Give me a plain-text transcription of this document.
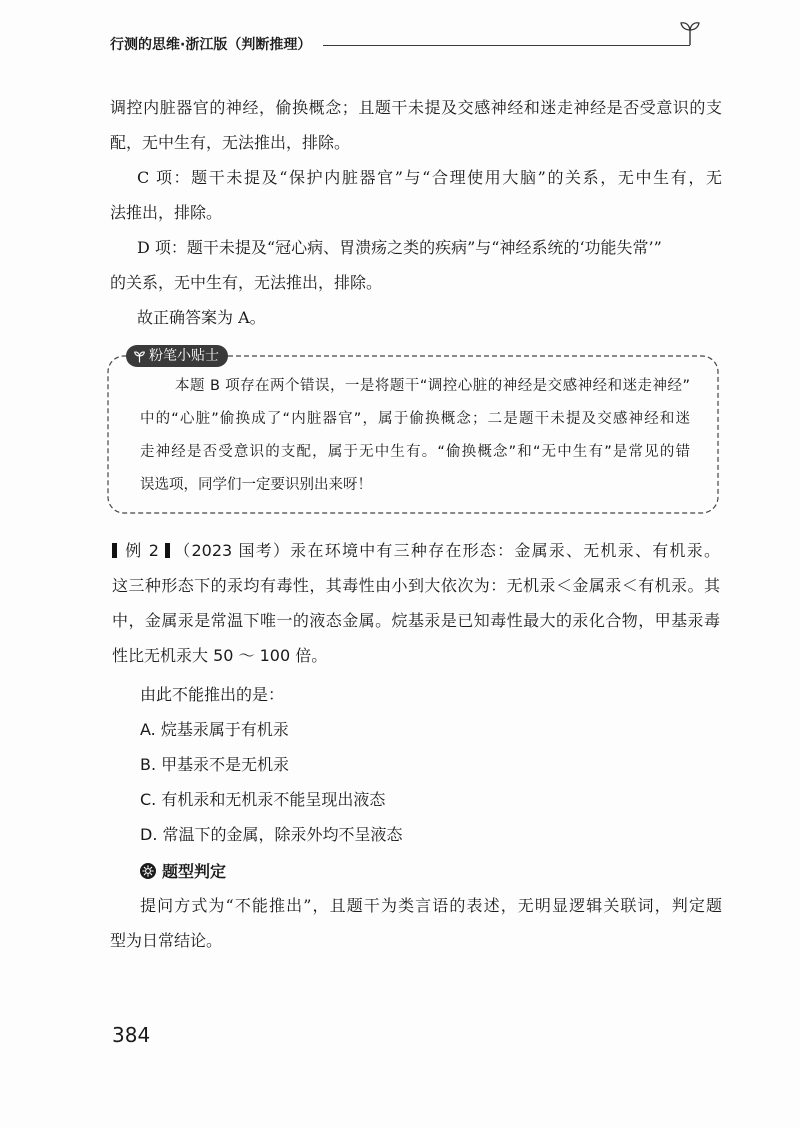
行测的思维·浙江版（判断推理）

调控内脏器官的神经，偷换概念；且题干未提及交感神经和迷走神经是否受意识的支
配，无中生有，无法推出，排除。

C 项：题干未提及“保护内脏器官”与“合理使用大脑”的关系，无中生有，无
法推出，排除。

D 项：题干未提及“冠心病、胃溃疡之类的疾病”与“神经系统的‘功能失常’”
的关系，无中生有，无法推出，排除。

故正确答案为 A。

粉笔小贴士
本题 B 项存在两个错误，一是将题干“调控心脏的神经是交感神经和迷走神经”
中的“心脏”偷换成了“内脏器官”，属于偷换概念；二是题干未提及交感神经和迷
走神经是否受意识的支配，属于无中生有。“偷换概念”和“无中生有”是常见的错
误选项，同学们一定要识别出来呀！
例 2 （2023 国考）汞在环境中有三种存在形态：金属汞、无机汞、有机汞。
这三种形态下的汞均有毒性，其毒性由小到大依次为：无机汞＜金属汞＜有机汞。其
中，金属汞是常温下唯一的液态金属。烷基汞是已知毒性最大的汞化合物，甲基汞毒
性比无机汞大 50 ～ 100 倍。
由此不能推出的是：
A. 烷基汞属于有机汞
B. 甲基汞不是无机汞
C. 有机汞和无机汞不能呈现出液态
D. 常温下的金属，除汞外均不呈液态
题型判定
提问方式为“不能推出”，且题干为类言语的表述，无明显逻辑关联词，判定题
型为日常结论。
384
